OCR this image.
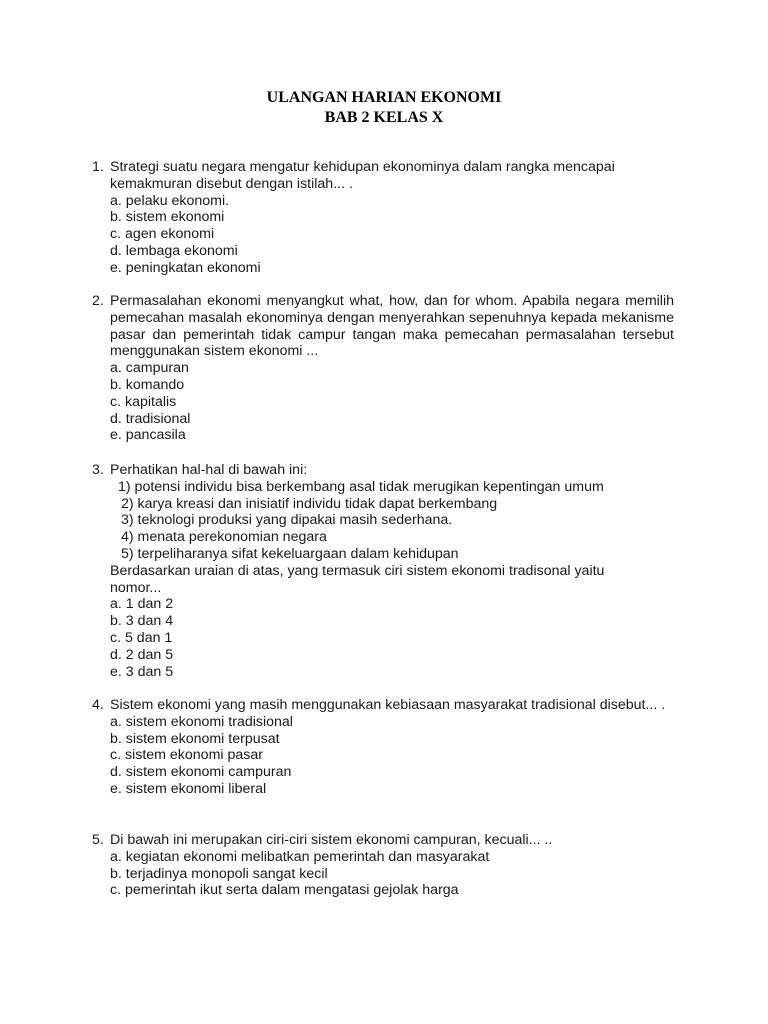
ULANGAN HARIAN EKONOMI
BAB 2 KELAS X
1. Strategi suatu negara mengatur kehidupan ekonominya dalam rangka mencapai
kemakmuran disebut dengan istilah... .
a. pelaku ekonomi.
b. sistem ekonomi
c. agen ekonomi
d. lembaga ekonomi
e. peningkatan ekonomi
2. Permasalahan ekonomi menyangkut what, how, dan for whom. Apabila negara memilih pemecahan masalah ekonominya dengan menyerahkan sepenuhnya kepada mekanisme pasar dan pemerintah tidak campur tangan maka pemecahan permasalahan tersebut menggunakan sistem ekonomi ...
a. campuran
b. komando
c. kapitalis
d. tradisional
e. pancasila
3. Perhatikan hal-hal di bawah ini:
1) potensi individu bisa berkembang asal tidak merugikan kepentingan umum
2) karya kreasi dan inisiatif individu tidak dapat berkembang
3) teknologi produksi yang dipakai masih sederhana.
4) menata perekonomian negara
5) terpeliharanya sifat kekeluargaan dalam kehidupan
Berdasarkan uraian di atas, yang termasuk ciri sistem ekonomi tradisonal yaitu
nomor...
a. 1 dan 2
b. 3 dan 4
c. 5 dan 1
d. 2 dan 5
e. 3 dan 5
4. Sistem ekonomi yang masih menggunakan kebiasaan masyarakat tradisional disebut... .
a. sistem ekonomi tradisional
b. sistem ekonomi terpusat
c. sistem ekonomi pasar
d. sistem ekonomi campuran
e. sistem ekonomi liberal
5. Di bawah ini merupakan ciri-ciri sistem ekonomi campuran, kecuali... ..
a. kegiatan ekonomi melibatkan pemerintah dan masyarakat
b. terjadinya monopoli sangat kecil
c. pemerintah ikut serta dalam mengatasi gejolak harga
